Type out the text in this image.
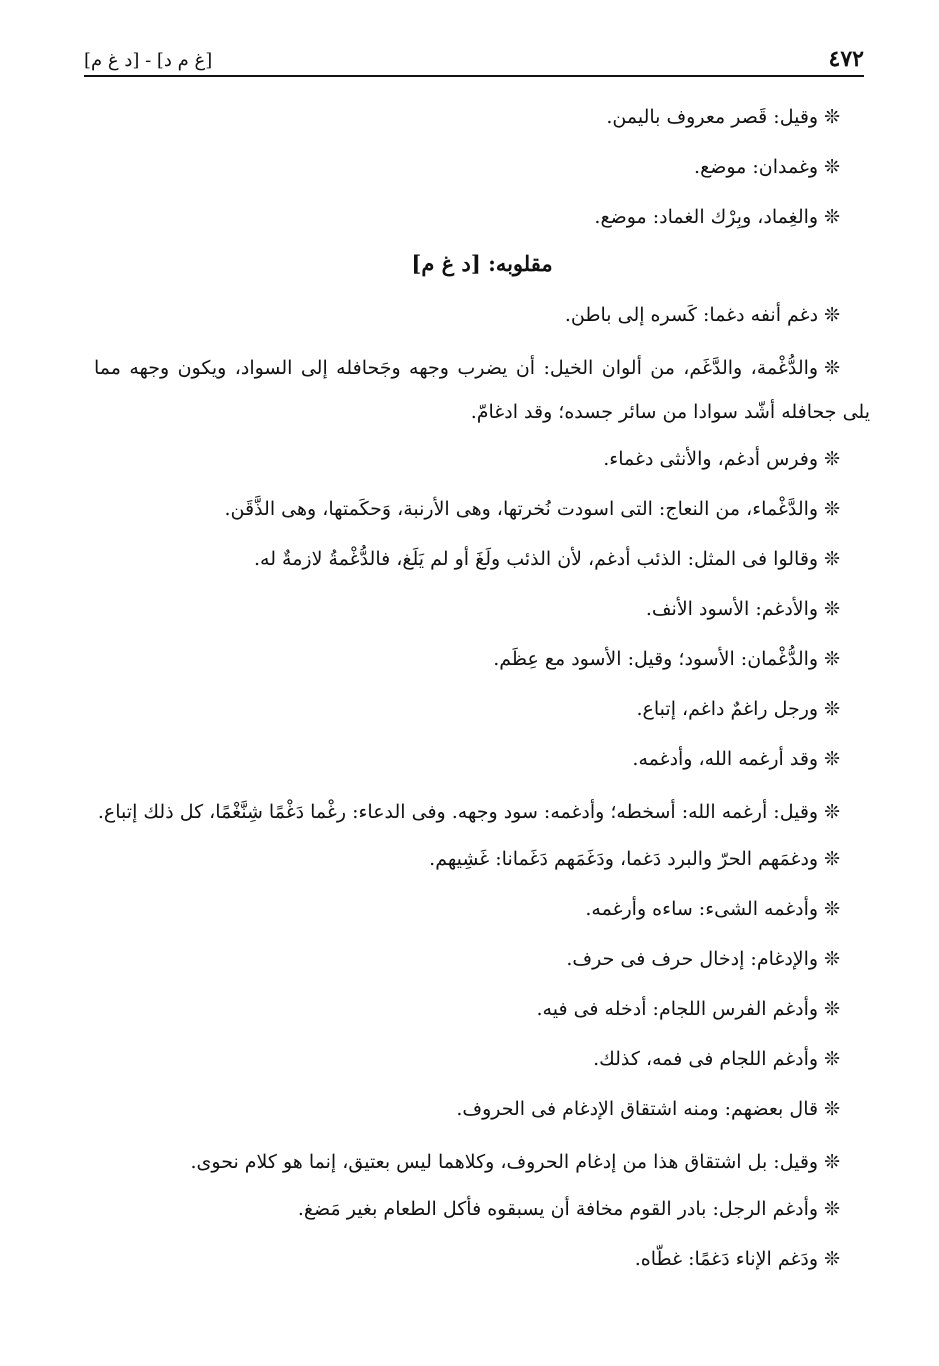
٤٧٢
[غ م د] - [د غ م]

❊وقيل: قَصر معروف باليمن.

❊وغمدان: موضع.

❊والغِماد، وبِرْك الغماد: موضع.

مقلوبه: [د غ م]

❊دغم أنفه دغما: كَسره إلى باطن.

❊والدُّغْمة، والدَّغَم، من ألوان الخيل: أن يضرب وجهه وجَحافله إلى السواد، ويكون وجهه مما يلى جحافله أشّد سوادا من سائر جسده؛ وقد ادغامّ.

❊وفرس أدغم، والأنثى دغماء.

❊والدَّغْماء، من النعاج: التى اسودت نُخرتها، وهى الأرنبة، وَحكَمتها، وهى الذَّقَن.

❊وقالوا فى المثل: الذئب أدغم، لأن الذئب ولَغَ أو لم يَلَغ، فالدُّغْمةُ لازمةٌ له.

❊والأدغم: الأسود الأنف.

❊والدُّغْمان: الأسود؛ وقيل: الأسود مع عِظَم.

❊ورجل راغمٌ داغم، إتباع.

❊وقد أرغمه الله، وأدغمه.

❊وقيل: أرغمه الله: أسخطه؛ وأدغمه: سود وجهه. وفى الدعاء: رغْما دَغْمًا شِنَّغْمًا، كل ذلك إتباع.

❊ودغمَهم الحرّ والبرد دَغما، ودَغَمَهم دَغَمانا: غَشِيهم.

❊وأدغمه الشىء: ساءه وأرغمه.

❊والإدغام: إدخال حرف فى حرف.

❊وأدغم الفرس اللجام: أدخله فى فيه.

❊وأدغم اللجام فى فمه، كذلك.

❊قال بعضهم: ومنه اشتقاق الإدغام فى الحروف.

❊وقيل: بل اشتقاق هذا من إدغام الحروف، وكلاهما ليس بعتيق، إنما هو كلام نحوى.

❊وأدغم الرجل: بادر القوم مخافة أن يسبقوه فأكل الطعام بغير مَضغ.

❊ودَغم الإناء دَغمًا: غطّاه.
